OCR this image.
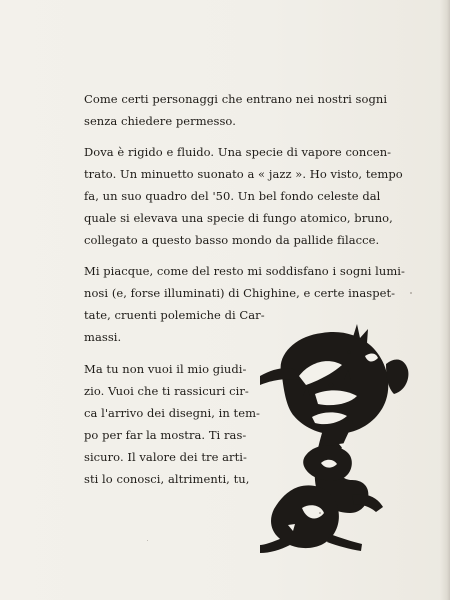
Come certi personaggi che entrano nei nostri sogni
senza chiedere permesso.
Dova è rigido e fluido. Una specie di vapore concen-
trato. Un minuetto suonato a « jazz ». Ho visto, tempo
fa, un suo quadro del '50. Un bel fondo celeste dal
quale si elevava una specie di fungo atomico, bruno,
collegato a questo basso mondo da pallide filacce.
Mi piacque, come del resto mi soddisfano i sogni lumi-
nosi (e, forse illuminati) di Chighine, e certe inaspet-
tate, cruenti polemiche di Car-
massi.
Ma tu non vuoi il mio giudi-
zio. Vuoi che ti rassicuri cir-
ca l'arrivo dei disegni, in tem-
po per far la mostra. Ti ras-
sicuro. Il valore dei tre arti-
sti lo conosci, altrimenti, tu,
